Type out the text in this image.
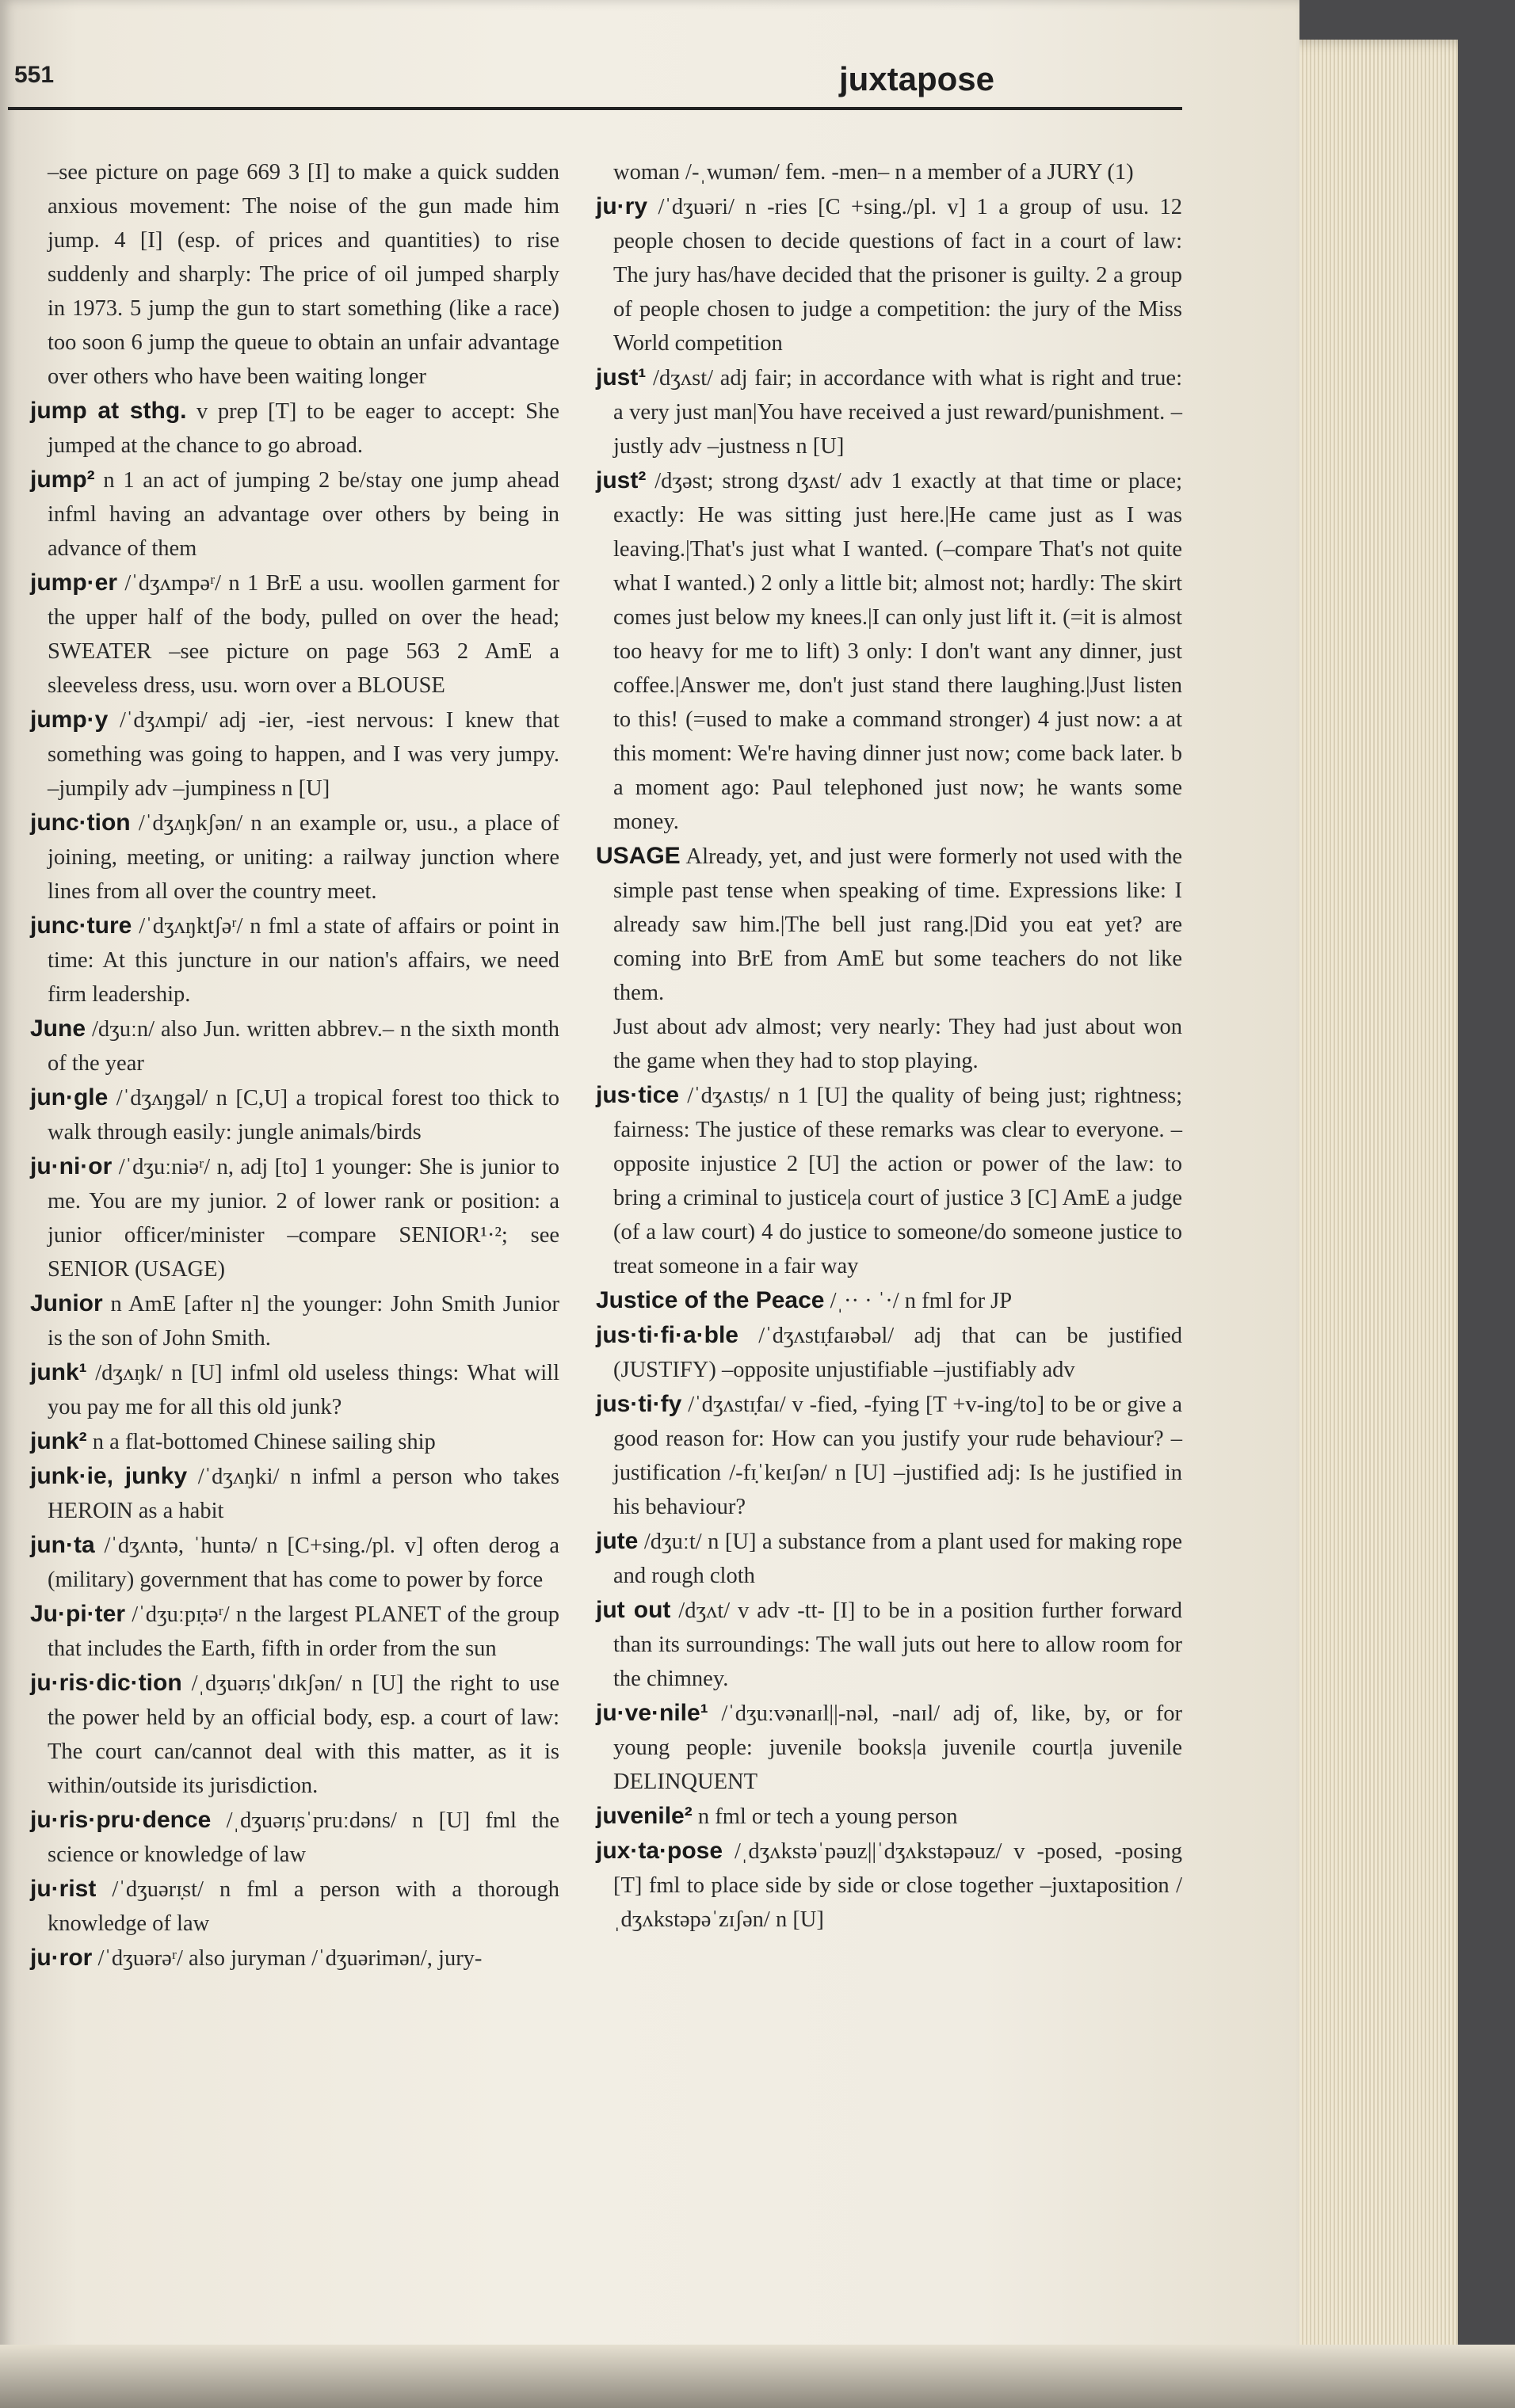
551	juxtapose

–see picture on page 669 3 [I] to make a quick sudden anxious movement: The noise of the gun made him jump. 4 [I] (esp. of prices and quantities) to rise suddenly and sharply: The price of oil jumped sharply in 1973. 5 jump the gun to start something (like a race) too soon 6 jump the queue to obtain an unfair advantage over others who have been waiting longer

jump at sthg. v prep [T] to be eager to accept: She jumped at the chance to go abroad.

jump² n 1 an act of jumping 2 be/stay one jump ahead infml having an advantage over others by being in advance of them

jump·er /ˈdʒʌmpəʳ/ n 1 BrE a usu. woollen garment for the upper half of the body, pulled on over the head; SWEATER –see picture on page 563 2 AmE a sleeveless dress, usu. worn over a BLOUSE

jump·y /ˈdʒʌmpi/ adj -ier, -iest nervous: I knew that something was going to happen, and I was very jumpy. –jumpily adv –jumpiness n [U]

junc·tion /ˈdʒʌŋkʃən/ n an example or, usu., a place of joining, meeting, or uniting: a railway junction where lines from all over the country meet.

junc·ture /ˈdʒʌŋktʃəʳ/ n fml a state of affairs or point in time: At this juncture in our nation's affairs, we need firm leadership.

June /dʒuːn/ also Jun. written abbrev.– n the sixth month of the year

jun·gle /ˈdʒʌŋgəl/ n [C,U] a tropical forest too thick to walk through easily: jungle animals/birds

ju·ni·or /ˈdʒuːniəʳ/ n, adj [to] 1 younger: She is junior to me. You are my junior. 2 of lower rank or position: a junior officer/minister –compare SENIOR¹·²; see SENIOR (USAGE)

Junior n AmE [after n] the younger: John Smith Junior is the son of John Smith.

junk¹ /dʒʌŋk/ n [U] infml old useless things: What will you pay me for all this old junk?

junk² n a flat-bottomed Chinese sailing ship

junk·ie, junky /ˈdʒʌŋki/ n infml a person who takes HEROIN as a habit

jun·ta /ˈdʒʌntə, ˈhuntə/ n [C+sing./pl. v] often derog a (military) government that has come to power by force

Ju·pi·ter /ˈdʒuːpɪ̣təʳ/ n the largest PLANET of the group that includes the Earth, fifth in order from the sun

ju·ris·dic·tion /ˌdʒuərɪ̣sˈdɪkʃən/ n [U] the right to use the power held by an official body, esp. a court of law: The court can/cannot deal with this matter, as it is within/outside its jurisdiction.

ju·ris·pru·dence /ˌdʒuərɪ̣sˈpruːdəns/ n [U] fml the science or knowledge of law

ju·rist /ˈdʒuərɪ̣st/ n fml a person with a thorough knowledge of law

ju·ror /ˈdʒuərəʳ/ also juryman /ˈdʒuərimən/, jury-

woman /-ˌwumən/ fem. -men– n a member of a JURY (1)

ju·ry /ˈdʒuəri/ n -ries [C +sing./pl. v] 1 a group of usu. 12 people chosen to decide questions of fact in a court of law: The jury has/have decided that the prisoner is guilty. 2 a group of people chosen to judge a competition: the jury of the Miss World competition

just¹ /dʒʌst/ adj fair; in accordance with what is right and true: a very just man|You have received a just reward/punishment. –justly adv –justness n [U]

just² /dʒəst; strong dʒʌst/ adv 1 exactly at that time or place; exactly: He was sitting just here.|He came just as I was leaving.|That's just what I wanted. (–compare That's not quite what I wanted.) 2 only a little bit; almost not; hardly: The skirt comes just below my knees.|I can only just lift it. (=it is almost too heavy for me to lift) 3 only: I don't want any dinner, just coffee.|Answer me, don't just stand there laughing.|Just listen to this! (=used to make a command stronger) 4 just now: a at this moment: We're having dinner just now; come back later. b a moment ago: Paul telephoned just now; he wants some money.

USAGE Already, yet, and just were formerly not used with the simple past tense when speaking of time. Expressions like: I already saw him.|The bell just rang.|Did you eat yet? are coming into BrE from AmE but some teachers do not like them.

Just about adv almost; very nearly: They had just about won the game when they had to stop playing.

jus·tice /ˈdʒʌstɪ̣s/ n 1 [U] the quality of being just; rightness; fairness: The justice of these remarks was clear to everyone. –opposite injustice 2 [U] the action or power of the law: to bring a criminal to justice|a court of justice 3 [C] AmE a judge (of a law court) 4 do justice to someone/do someone justice to treat someone in a fair way

Justice of the Peace /ˌ·· · ˈ·/ n fml for JP

jus·ti·fi·a·ble /ˈdʒʌstɪ̣faɪəbəl/ adj that can be justified (JUSTIFY) –opposite unjustifiable –justifiably adv

jus·ti·fy /ˈdʒʌstɪ̣faɪ/ v -fied, -fying [T +v-ing/to] to be or give a good reason for: How can you justify your rude behaviour? –justification /-fɪ̣ˈkeɪʃən/ n [U] –justified adj: Is he justified in his behaviour?

jute /dʒuːt/ n [U] a substance from a plant used for making rope and rough cloth

jut out /dʒʌt/ v adv -tt- [I] to be in a position further forward than its surroundings: The wall juts out here to allow room for the chimney.

ju·ve·nile¹ /ˈdʒuːvənaɪl||-nəl, -naɪl/ adj of, like, by, or for young people: juvenile books|a juvenile court|a juvenile DELINQUENT

juvenile² n fml or tech a young person

jux·ta·pose /ˌdʒʌkstəˈpəuz||ˈdʒʌkstəpəuz/ v -posed, -posing [T] fml to place side by side or close together –juxtaposition /ˌdʒʌkstəpəˈzɪʃən/ n [U]
